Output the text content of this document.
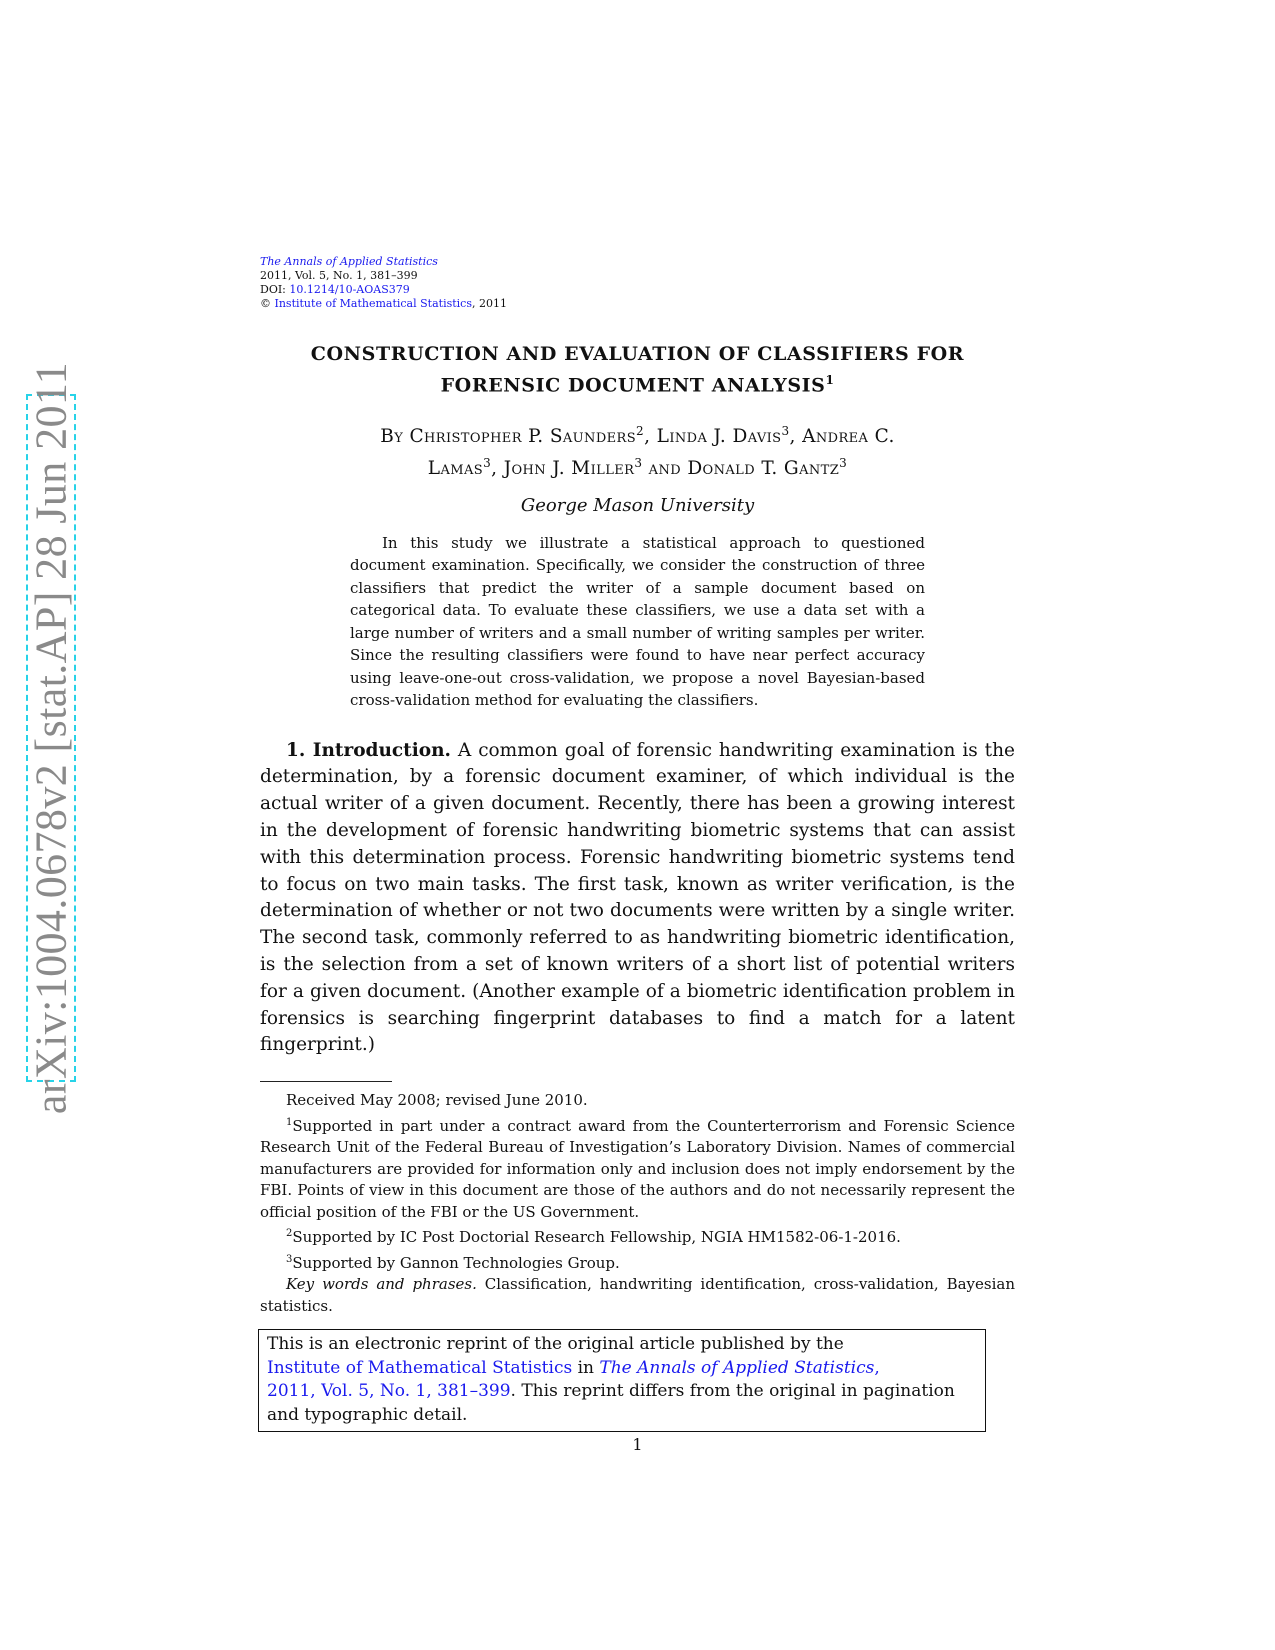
arXiv:1004.0678v2 [stat.AP] 28 Jun 2011
The Annals of Applied Statistics
2011, Vol. 5, No. 1, 381–399
DOI: 10.1214/10-AOAS379
© Institute of Mathematical Statistics, 2011
CONSTRUCTION AND EVALUATION OF CLASSIFIERS FOR
FORENSIC DOCUMENT ANALYSIS$^1$
By Christopher P. Saunders$^2$, Linda J. Davis$^3$, Andrea C.
Lamas$^3$, John J. Miller$^3$ and Donald T. Gantz$^3$
George Mason University
In this study we illustrate a statistical approach to questioned document examination. Specifically, we consider the construction of three classifiers that predict the writer of a sample document based on categorical data. To evaluate these classifiers, we use a data set with a large number of writers and a small number of writing samples per writer. Since the resulting classifiers were found to have near perfect accuracy using leave-one-out cross-validation, we propose a novel Bayesian-based cross-validation method for evaluating the classifiers.
1. Introduction. A common goal of forensic handwriting examination is the determination, by a forensic document examiner, of which individual is the actual writer of a given document. Recently, there has been a growing interest in the development of forensic handwriting biometric systems that can assist with this determination process. Forensic handwriting biometric systems tend to focus on two main tasks. The first task, known as writer verification, is the determination of whether or not two documents were written by a single writer. The second task, commonly referred to as handwriting biometric identification, is the selection from a set of known writers of a short list of potential writers for a given document. (Another example of a biometric identification problem in forensics is searching fingerprint databases to find a match for a latent fingerprint.)

Received May 2008; revised June 2010.

$^1$Supported in part under a contract award from the Counterterrorism and Forensic Science Research Unit of the Federal Bureau of Investigation’s Laboratory Division. Names of commercial manufacturers are provided for information only and inclusion does not imply endorsement by the FBI. Points of view in this document are those of the authors and do not necessarily represent the official position of the FBI or the US Government.

$^2$Supported by IC Post Doctorial Research Fellowship, NGIA HM1582-06-1-2016.

$^3$Supported by Gannon Technologies Group.

Key words and phrases. Classification, handwriting identification, cross-validation, Bayesian statistics.

This is an electronic reprint of the original article published by the
Institute of Mathematical Statistics in The Annals of Applied Statistics,
2011, Vol. 5, No. 1, 381–399. This reprint differs from the original in pagination and typographic detail.
1
